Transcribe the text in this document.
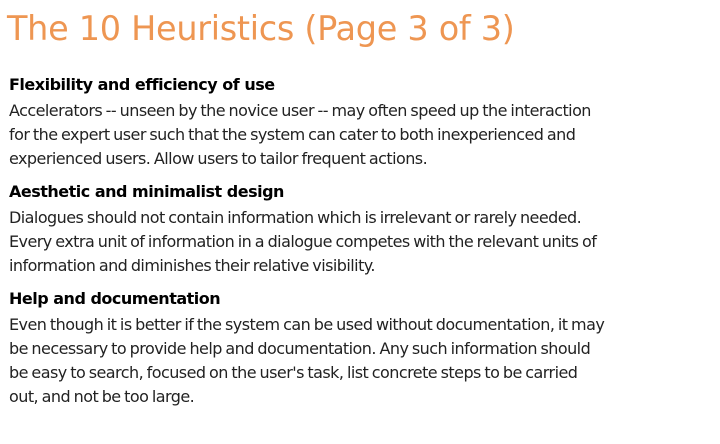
The 10 Heuristics (Page 3 of 3)
Flexibility and efficiency of use

Accelerators -- unseen by the novice user -- may often speed up the interaction
for the expert user such that the system can cater to both inexperienced and
experienced users. Allow users to tailor frequent actions.

Aesthetic and minimalist design

Dialogues should not contain information which is irrelevant or rarely needed.
Every extra unit of information in a dialogue competes with the relevant units of
information and diminishes their relative visibility.

Help and documentation

Even though it is better if the system can be used without documentation, it may
be necessary to provide help and documentation. Any such information should
be easy to search, focused on the user's task, list concrete steps to be carried
out, and not be too large.
